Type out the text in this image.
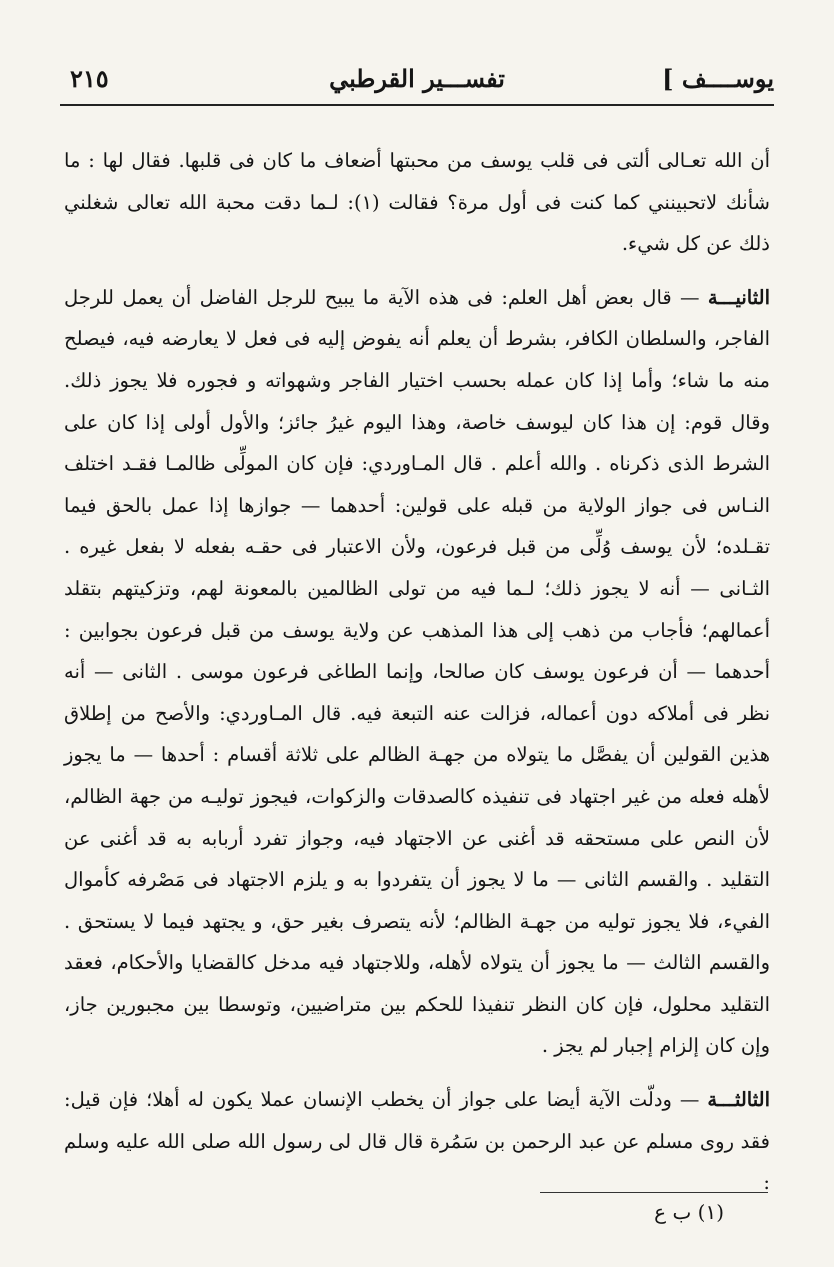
يوســــف ]
تفســـير القرطبي
٢١٥

أن الله تعـالى ألتى فى قلب يوسف من محبتها أضعاف ما كان فى قلبها. فقال لها : ما شأنك لاتحبينني كما كنت فى أول مرة؟ فقالت (١): لـما دقت محبة الله تعالى شغلني ذلك عن كل شيء.

الثانيـــة — قال بعض أهل العلم: فى هذه الآية ما يبيح للرجل الفاضل أن يعمل للرجل الفاجر، والسلطان الكافر، بشرط أن يعلم أنه يفوض إليه فى فعل لا يعارضه فيه، فيصلح منه ما شاء؛ وأما إذا كان عمله بحسب اختيار الفاجر وشهواته و فجوره فلا يجوز ذلك. وقال قوم: إن هذا كان ليوسف خاصة، وهذا اليوم غيرُ جائز؛ والأول أولى إذا كان على الشرط الذى ذكرناه . والله أعلم . قال المـاوردي: فإن كان المولِّى ظالمـا فقـد اختلف النـاس فى جواز الولاية من قبله على قولين: أحدهما — جوازها إذا عمل بالحق فيما تقـلده؛ لأن يوسف وُلِّى من قبل فرعون، ولأن الاعتبار فى حقـه بفعله لا بفعل غيره . الثـانى — أنه لا يجوز ذلك؛ لـما فيه من تولى الظالمين بالمعونة لهم، وتزكيتهم بتقلد أعمالهم؛ فأجاب من ذهب إلى هذا المذهب عن ولاية يوسف من قبل فرعون بجوابين : أحدهما — أن فرعون يوسف كان صالحا، وإنما الطاغى فرعون موسى . الثانى — أنه نظر فى أملاكه دون أعماله، فزالت عنه التبعة فيه. قال المـاوردي: والأصح من إطلاق هذين القولين أن يفصَّل ما يتولاه من جهـة الظالم على ثلاثة أقسام : أحدها — ما يجوز لأهله فعله من غير اجتهاد فى تنفيذه كالصدقات والزكوات، فيجوز توليـه من جهة الظالم، لأن النص على مستحقه قد أغنى عن الاجتهاد فيه، وجواز تفرد أربابه به قد أغنى عن التقليد . والقسم الثانى — ما لا يجوز أن يتفردوا به و يلزم الاجتهاد فى مَصْرفه كأموال الفيء، فلا يجوز توليه من جهـة الظالم؛ لأنه يتصرف بغير حق، و يجتهد فيما لا يستحق . والقسم الثالث — ما يجوز أن يتولاه لأهله، وللاجتهاد فيه مدخل كالقضايا والأحكام، فعقد التقليد محلول، فإن كان النظر تنفيذا للحكم بين متراضيين، وتوسطا بين مجبورين جاز، وإن كان إلزام إجبار لم يجز .

الثالثـــة — ودلّت الآية أيضا على جواز أن يخطب الإنسان عملا يكون له أهلا؛ فإن قيل: فقد روى مسلم عن عبد الرحمن بن سَمُرة قال قال لى رسول الله صلى الله عليه وسلم :

(١) ب ع
